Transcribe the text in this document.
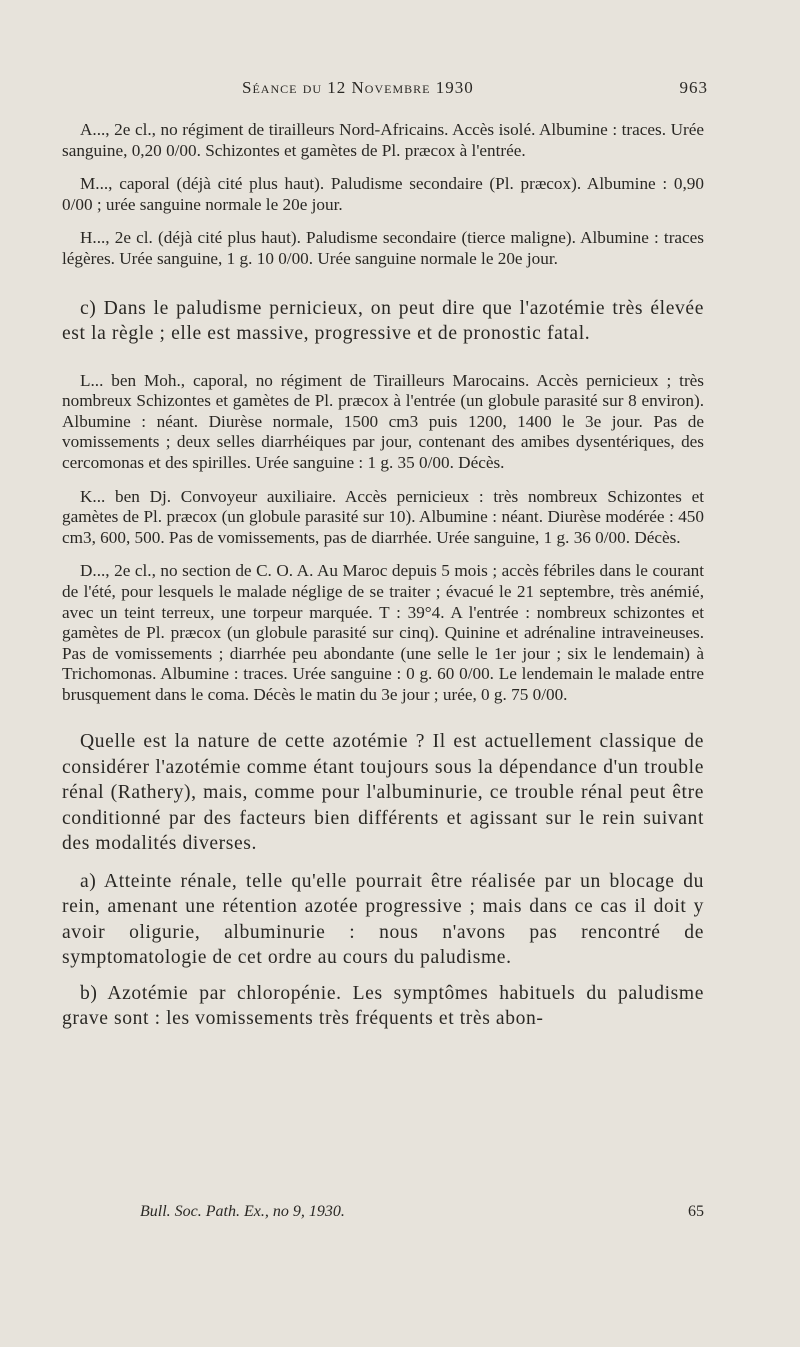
Séance du 12 Novembre 1930	963

A..., 2e cl., no régiment de tirailleurs Nord-Africains. Accès isolé. Albumine : traces. Urée sanguine, 0,20 0/00. Schizontes et gamètes de Pl. præcox à l'entrée.

M..., caporal (déjà cité plus haut). Paludisme secondaire (Pl. præcox). Albumine : 0,90 0/00 ; urée sanguine normale le 20e jour.

H..., 2e cl. (déjà cité plus haut). Paludisme secondaire (tierce maligne). Albumine : traces légères. Urée sanguine, 1 g. 10 0/00. Urée sanguine normale le 20e jour.

c) Dans le paludisme pernicieux, on peut dire que l'azotémie très élevée est la règle ; elle est massive, progressive et de pronostic fatal.

L... ben Moh., caporal, no régiment de Tirailleurs Marocains. Accès pernicieux ; très nombreux Schizontes et gamètes de Pl. præcox à l'entrée (un globule parasité sur 8 environ). Albumine : néant. Diurèse normale, 1500 cm3 puis 1200, 1400 le 3e jour. Pas de vomissements ; deux selles diarrhéiques par jour, contenant des amibes dysentériques, des cercomonas et des spirilles. Urée sanguine : 1 g. 35 0/00. Décès.

K... ben Dj. Convoyeur auxiliaire. Accès pernicieux : très nombreux Schizontes et gamètes de Pl. præcox (un globule parasité sur 10). Albumine : néant. Diurèse modérée : 450 cm3, 600, 500. Pas de vomissements, pas de diarrhée. Urée sanguine, 1 g. 36 0/00. Décès.

D..., 2e cl., no section de C. O. A. Au Maroc depuis 5 mois ; accès fébriles dans le courant de l'été, pour lesquels le malade néglige de se traiter ; évacué le 21 septembre, très anémié, avec un teint terreux, une torpeur marquée. T : 39°4. A l'entrée : nombreux schizontes et gamètes de Pl. præcox (un globule parasité sur cinq). Quinine et adrénaline intraveineuses. Pas de vomissements ; diarrhée peu abondante (une selle le 1er jour ; six le lendemain) à Trichomonas. Albumine : traces. Urée sanguine : 0 g. 60 0/00. Le lendemain le malade entre brusquement dans le coma. Décès le matin du 3e jour ; urée, 0 g. 75 0/00.

Quelle est la nature de cette azotémie ? Il est actuellement classique de considérer l'azotémie comme étant toujours sous la dépendance d'un trouble rénal (Rathery), mais, comme pour l'albuminurie, ce trouble rénal peut être conditionné par des facteurs bien différents et agissant sur le rein suivant des modalités diverses.

a) Atteinte rénale, telle qu'elle pourrait être réalisée par un blocage du rein, amenant une rétention azotée progressive ; mais dans ce cas il doit y avoir oligurie, albuminurie : nous n'avons pas rencontré de symptomatologie de cet ordre au cours du paludisme.

b) Azotémie par chloropénie. Les symptômes habituels du paludisme grave sont : les vomissements très fréquents et très abon-

Bull. Soc. Path. Ex., no 9, 1930.	65
